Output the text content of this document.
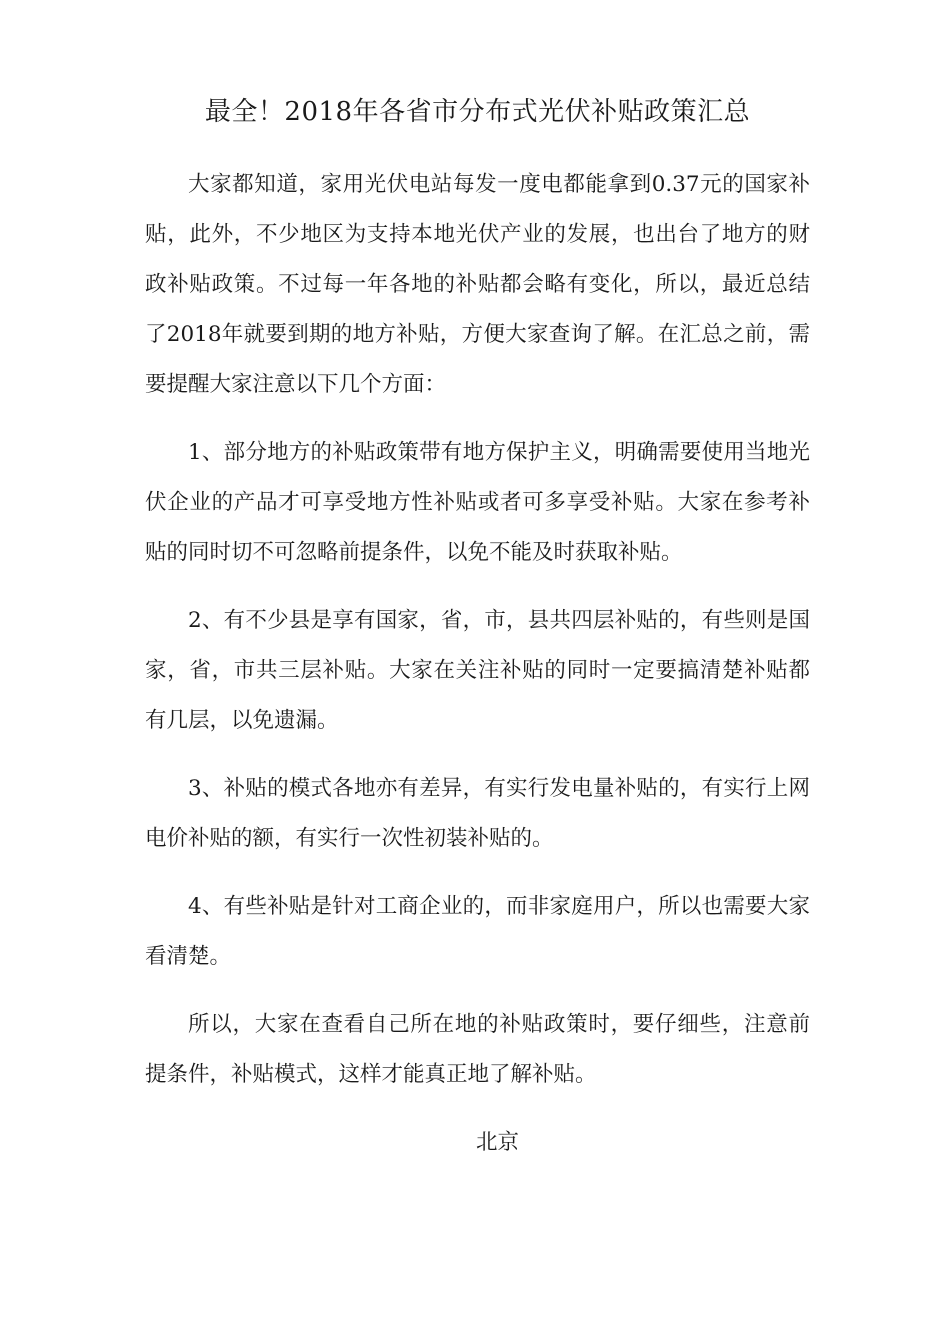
最全！2018年各省市分布式光伏补贴政策汇总

大家都知道，家用光伏电站每发一度电都能拿到0.37元的国家补贴，此外，不少地区为支持本地光伏产业的发展，也出台了地方的财政补贴政策。不过每一年各地的补贴都会略有变化，所以，最近总结了2018年就要到期的地方补贴，方便大家查询了解。在汇总之前，需要提醒大家注意以下几个方面：

1、部分地方的补贴政策带有地方保护主义，明确需要使用当地光伏企业的产品才可享受地方性补贴或者可多享受补贴。大家在参考补贴的同时切不可忽略前提条件，以免不能及时获取补贴。

2、有不少县是享有国家，省，市，县共四层补贴的，有些则是国家，省，市共三层补贴。大家在关注补贴的同时一定要搞清楚补贴都有几层，以免遗漏。

3、补贴的模式各地亦有差异，有实行发电量补贴的，有实行上网电价补贴的额，有实行一次性初装补贴的。

4、有些补贴是针对工商企业的，而非家庭用户，所以也需要大家看清楚。

所以，大家在查看自己所在地的补贴政策时，要仔细些，注意前提条件，补贴模式，这样才能真正地了解补贴。

北京
